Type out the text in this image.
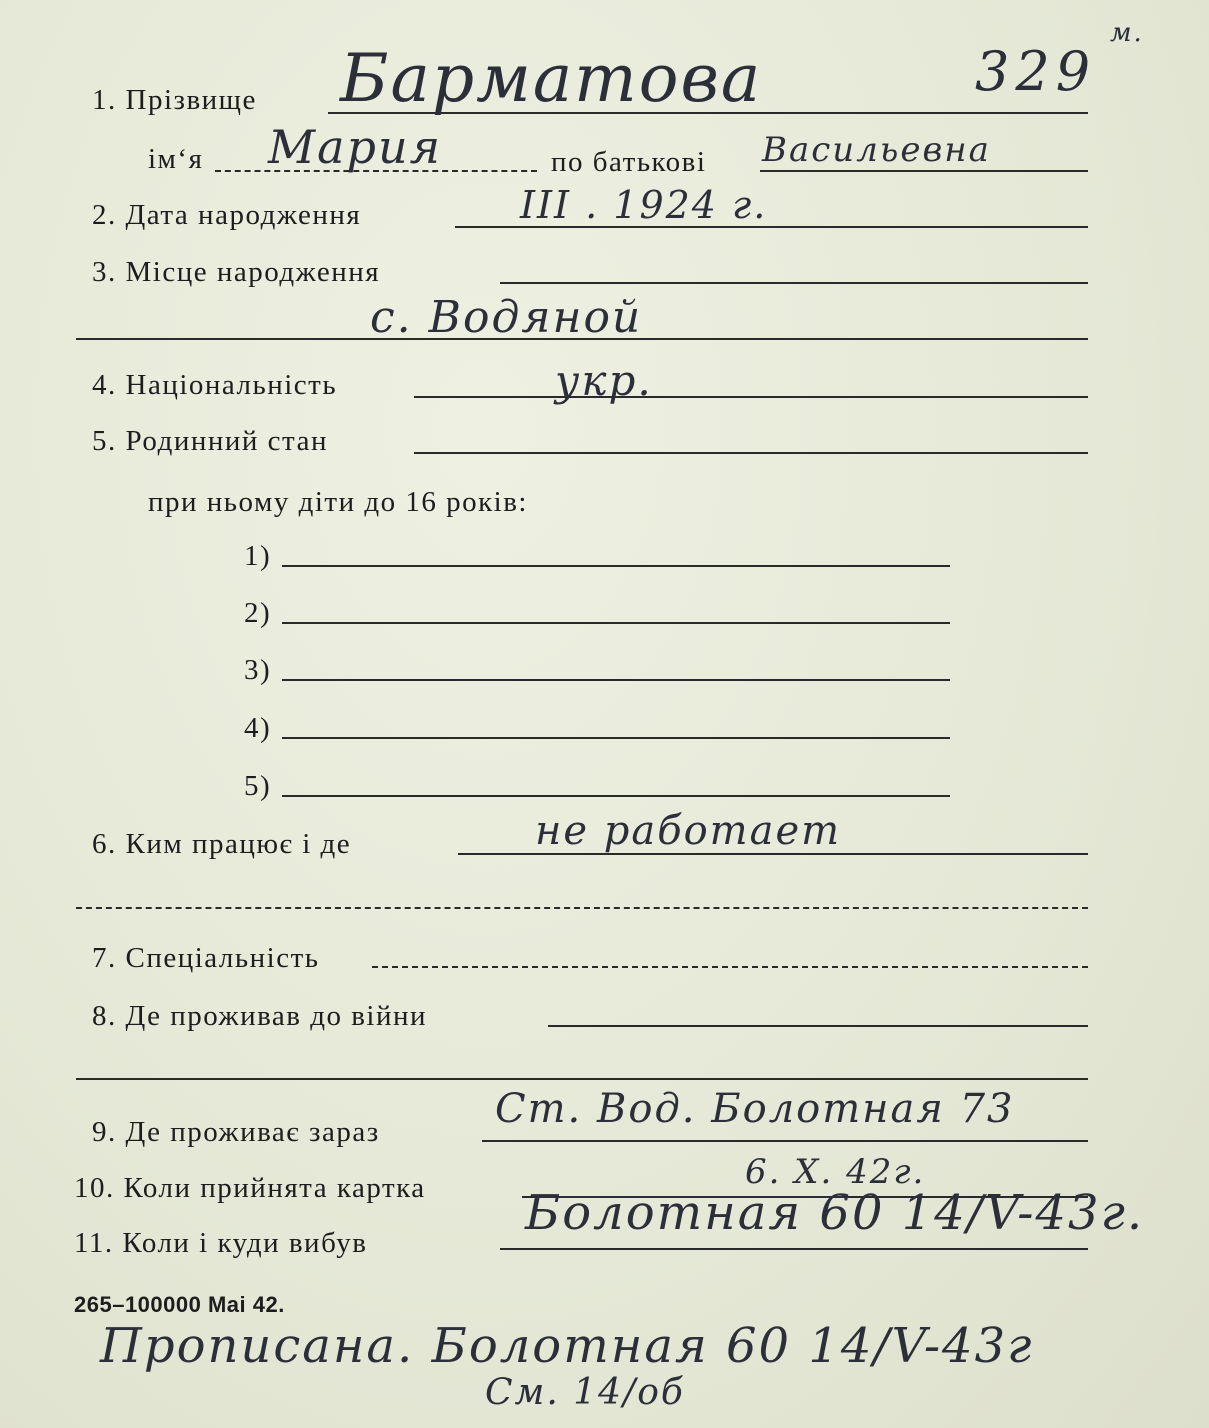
329
м.
1. Прізвище Барматова
ім‘я Мария	по батькові Васильевна
2. Дата народження	III . 1924 г.
3. Місце народження
с. Водяной
4. Національність	укр.
5. Родинний стан
при ньому діти до 16 років:
1)
2)
3)
4)
5)
6. Ким працює і де	не работает
7. Спеціальність
8. Де проживав до війни
9. Де проживає зараз	Ст. Вод. Болотная 73
10. Коли прийнята картка	6. X. 42г.
11. Коли і куди вибув
Болотная 60 14/V-43г.
265–100000 Mai 42.
Прописана. Болотная 60 14/V-43г
См. 14/об
